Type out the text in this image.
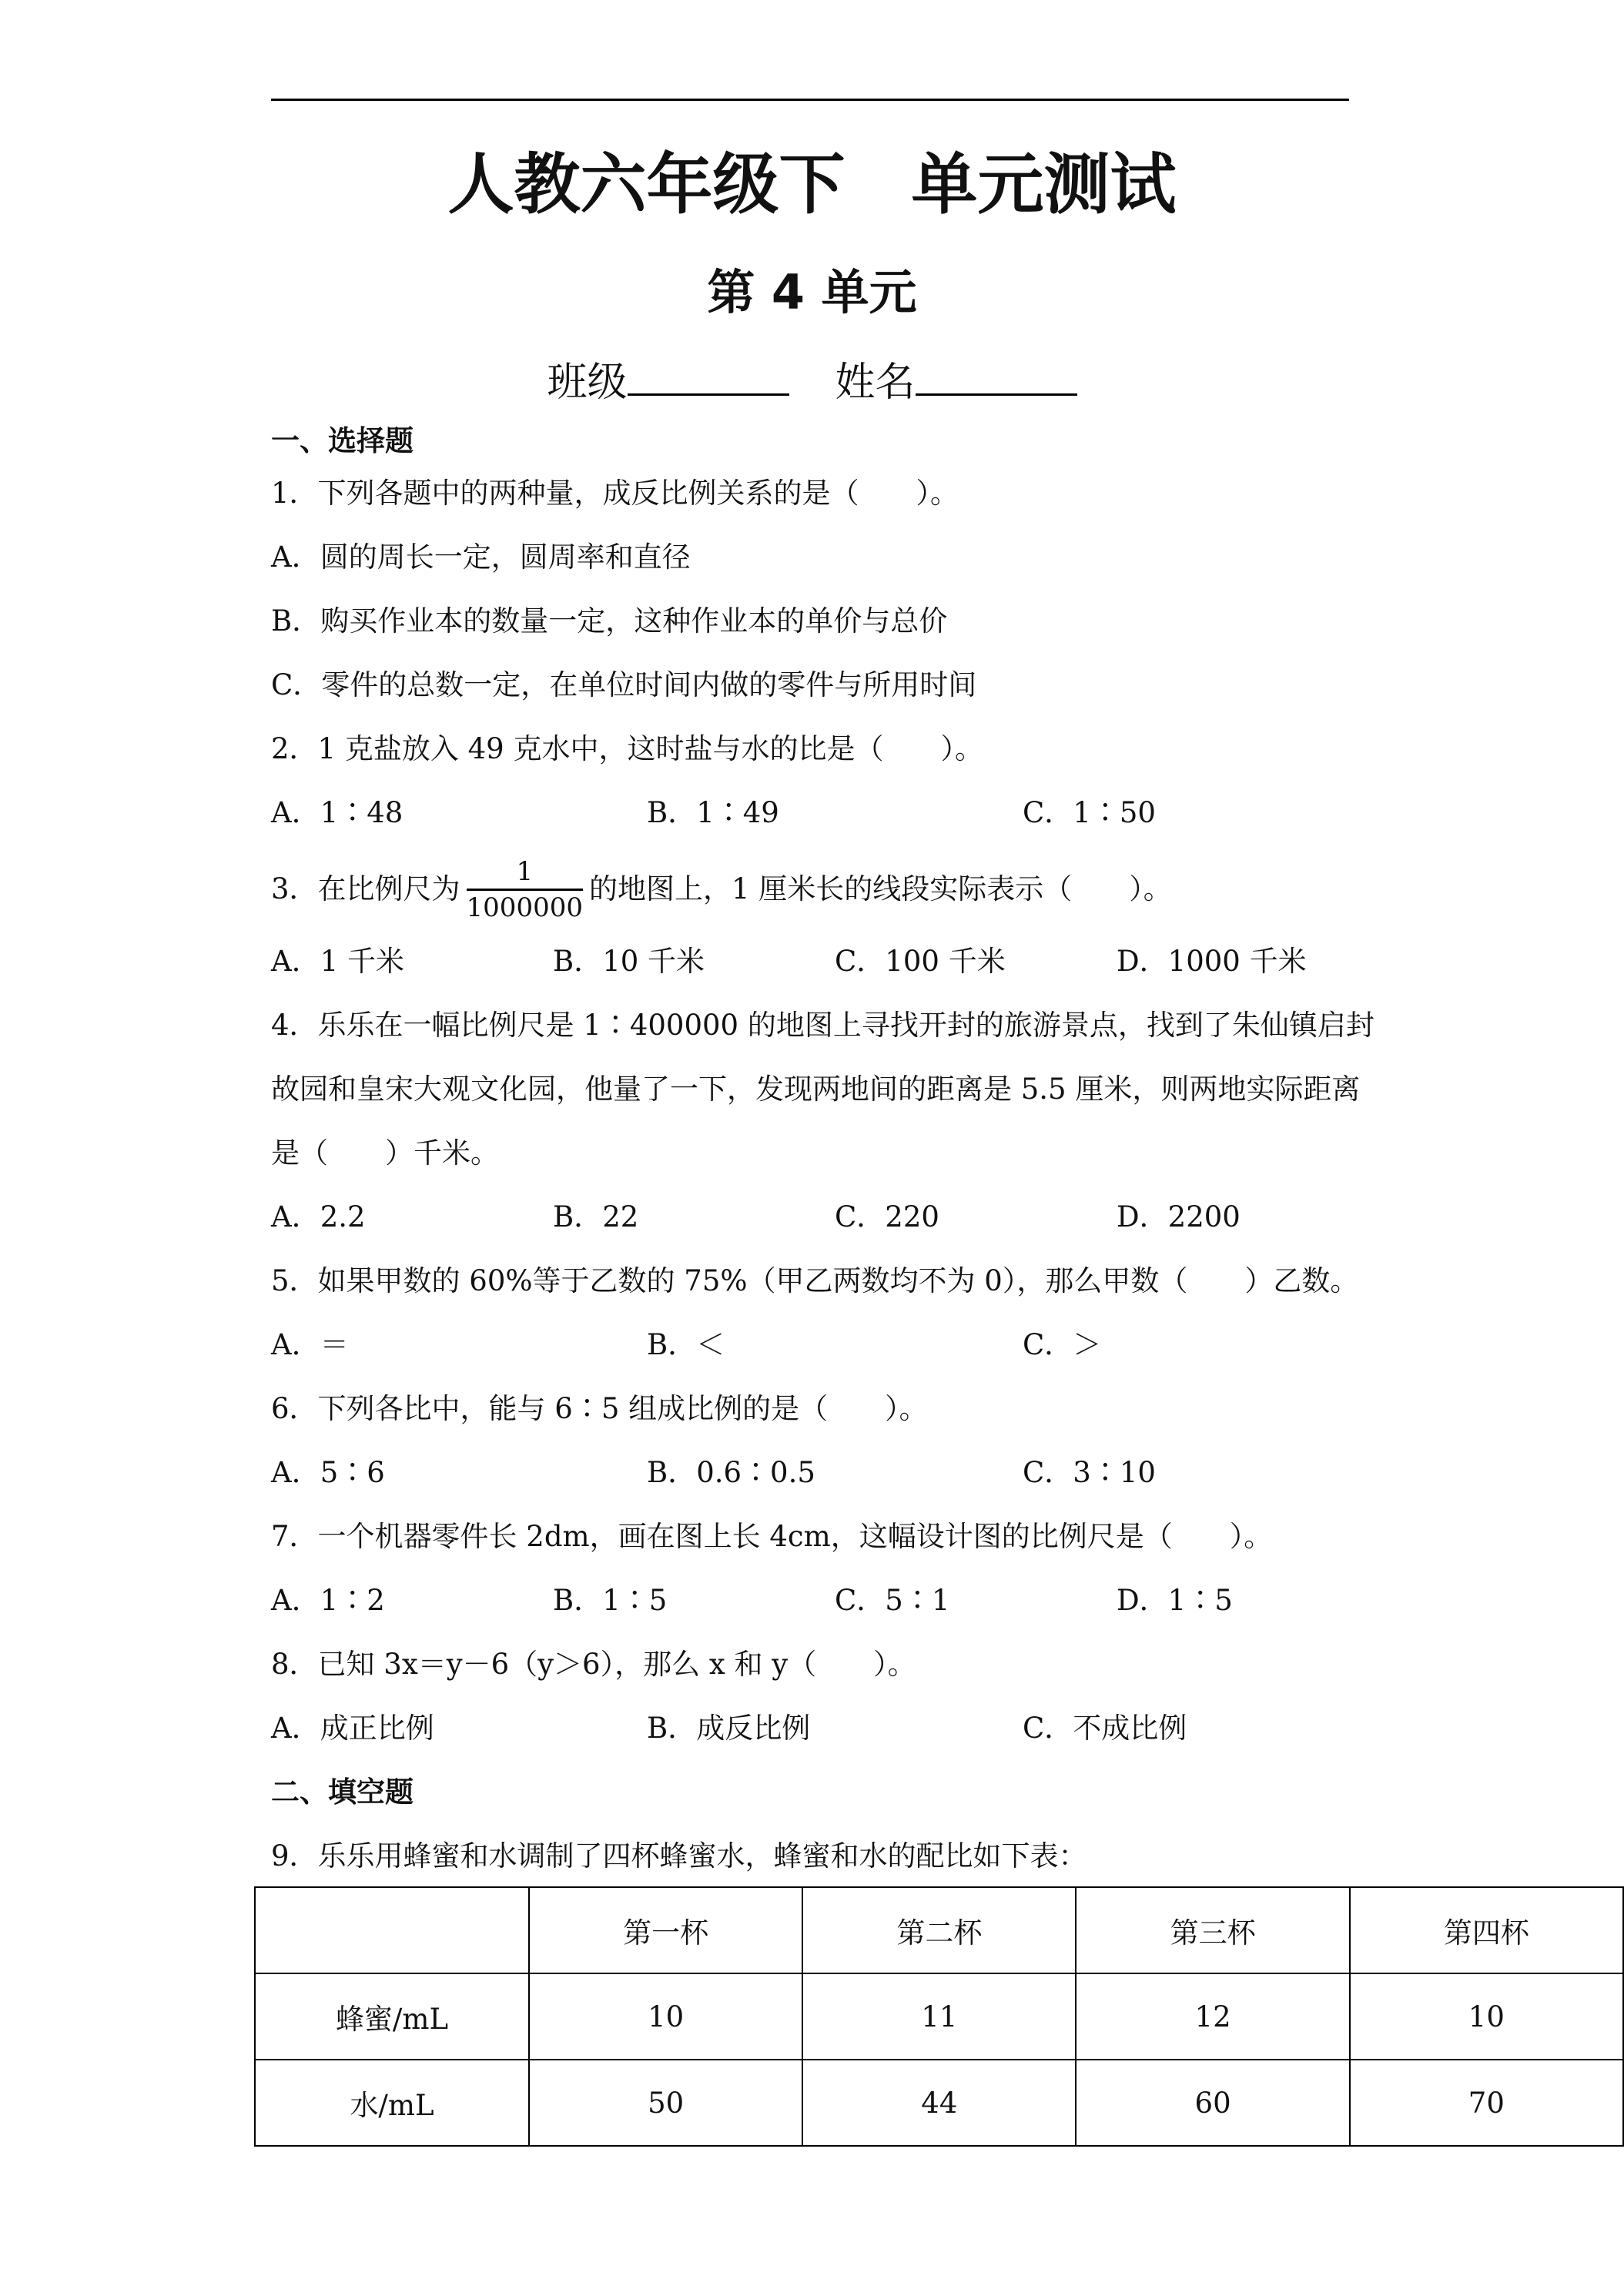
人教六年级下　单元测试
第 4 单元
班级	姓名
一、选择题
1．下列各题中的两种量，成反比例关系的是（　　）。
A．圆的周长一定，圆周率和直径
B．购买作业本的数量一定，这种作业本的单价与总价
C．零件的总数一定，在单位时间内做的零件与所用时间
2．1 克盐放入 49 克水中，这时盐与水的比是（　　）。
A．1∶48	B．1∶49	C．1∶50
3．在比例尺为 $\frac{1}{1000000}$ 的地图上，1 厘米长的线段实际表示（　　）。
A．1 千米	B．10 千米	C．100 千米	D．1000 千米
4．乐乐在一幅比例尺是 1∶400000 的地图上寻找开封的旅游景点，找到了朱仙镇启封
故园和皇宋大观文化园，他量了一下，发现两地间的距离是 5.5 厘米，则两地实际距离
是（　　）千米。
A．2.2	B．22	C．220	D．2200
5．如果甲数的 60%等于乙数的 75%（甲乙两数均不为 0），那么甲数（　　）乙数。
A．＝	B．＜	C．＞
6．下列各比中，能与 6∶5 组成比例的是（　　）。
A．5∶6	B．0.6∶0.5	C．3∶10
7．一个机器零件长 2dm，画在图上长 4cm，这幅设计图的比例尺是（　　）。
A．1∶2	B．1∶5	C．5∶1	D．1∶5
8．已知 3x＝y－6（y＞6），那么 x 和 y（　　）。
A．成正比例	B．成反比例	C．不成比例
二、填空题
9．乐乐用蜂蜜和水调制了四杯蜂蜜水，蜂蜜和水的配比如下表：
	第一杯	第二杯	第三杯	第四杯
蜂蜜/mL	10	11	12	10
水/mL	50	44	60	70
